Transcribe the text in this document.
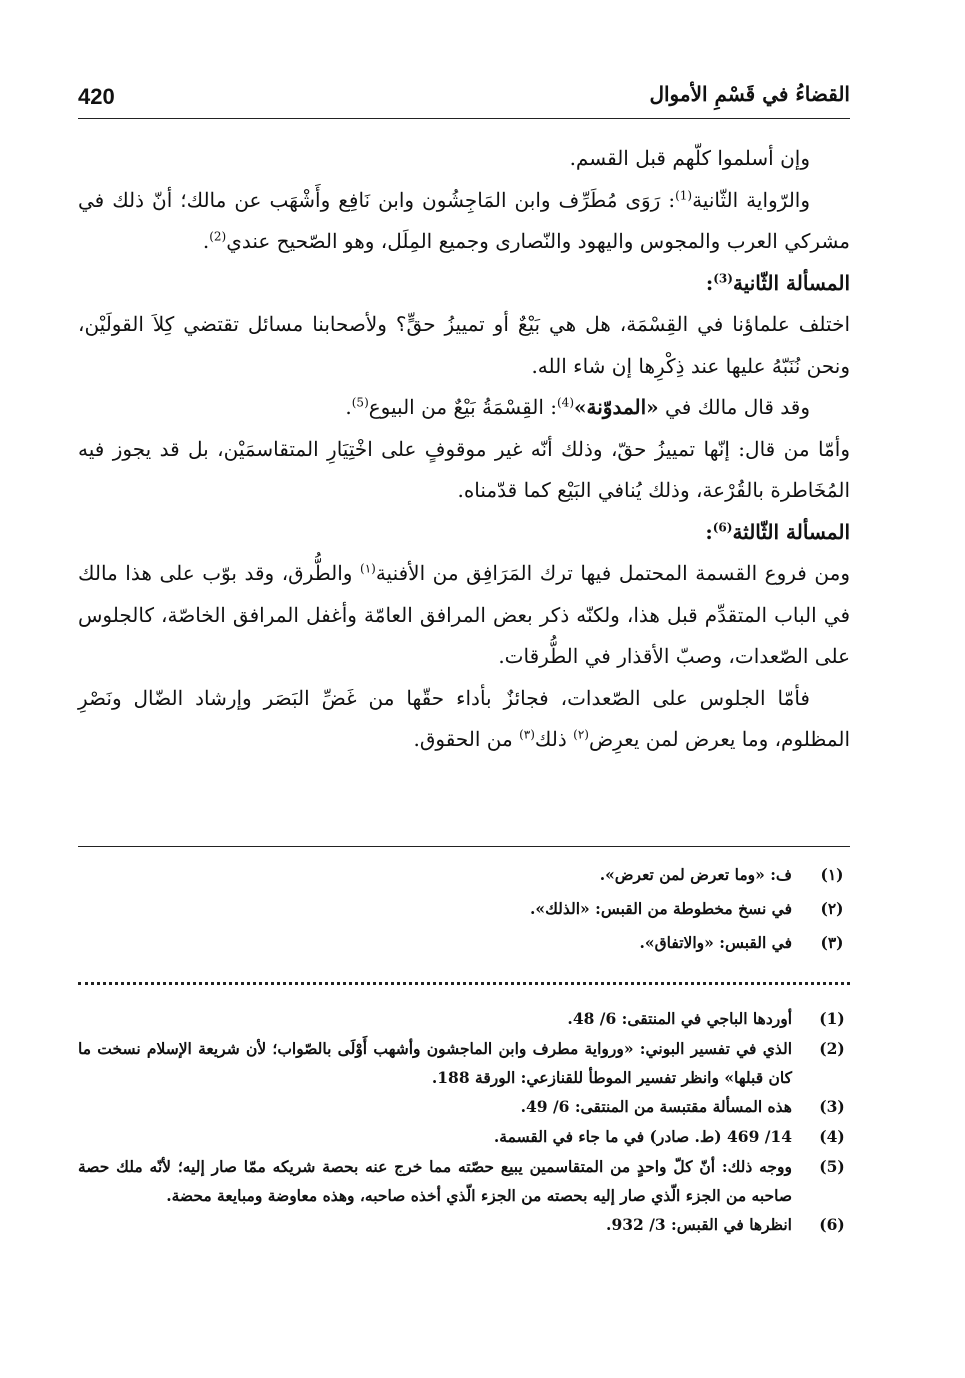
420	القضاءُ في قَسْمِ الأموال

وإن أسلموا كلّهم قبل القسم.

والرّواية الثّانية$^{(1)}$: رَوَى مُطَرِّف وابن المَاجِشُون وابن نَافِع وأَشْهَب عن مالك؛ أنّ ذلك في مشركي العرب والمجوس واليهود والنّصارى وجميع المِلَل، وهو الصّحيح عندي$^{(2)}$.

المسألة الثّانية$^{(3)}$:

اختلف علماؤنا في القِسْمَة، هل هي بَيْعٌ أو تمييزُ حقٍّ؟ ولأصحابنا مسائل تقتضي كِلاَ القولَيْن، ونحن نُنَبّهُ عليها عند ذِكْرِها إن شاء الله.

وقد قال مالك في «المدوّنة»$^{(4)}$: القِسْمَةُ بَيْعٌ من البيوع$^{(5)}$.

وأمّا من قال: إنّها تمييزُ حقّ، وذلك أنّه غير موقوفٍ على اخْتِيَارِ المتقاسمَيْن، بل قد يجوز فيه المُخَاطرة بالقُرْعة، وذلك يُنافي البَيْع كما قدّمناه.

المسألة الثّالثة$^{(6)}$:

ومن فروع القسمة المحتمل فيها ترك المَرَافِق من الأفنية$^{(١)}$ والطُّرق، وقد بوّب على هذا مالك في الباب المتقدِّم قبل هذا، ولكنّه ذكر بعض المرافق العامّة وأغفل المرافق الخاصّة، كالجلوس على الصّعدات، وصبّ الأقذار في الطُّرقات.

فأمّا الجلوس على الصّعدات، فجائزٌ بأداء حقّها من غَضِّ البَصَر وإرشاد الضّال ونَصْرِ المظلوم، وما يعرض لمن يعرِض$^{(٢)}$ ذلك$^{(٣)}$ من الحقوق.

(١)
ف: «وما تعرض لمن تعرض».

(٢)
في نسخ مخطوطة من القبس: «الذلك».

(٣)
في القبس: «والاتفاق».

(1)
أوردها الباجي في المنتقى: 6/ 48.

(2)
الذي في تفسير البوني: «ورواية مطرف وابن الماجشون وأشهب أَوْلَى بالصّواب؛ لأن شريعة الإسلام نسخت ما كان قبلها» وانظر تفسير الموطأ للقنازعي: الورقة 188.

(3)
هذه المسألة مقتبسة من المنتقى: 6/ 49.

(4)
14/ 469 (ط. صادر) في ما جاء في القسمة.

(5)
ووجه ذلك: أنّ كلّ واحدٍ من المتقاسمين يبيع حصّته مما خرج عنه بحصة شريكه ممّا صار إليه؛ لأنّه ملك حصة صاحبه من الجزء الّذي صار إليه بحصته من الجزء الّذي أخذه صاحبه، وهذه معاوضة ومبايعة محضة.

(6)
انظرها في القبس: 3/ 932.
